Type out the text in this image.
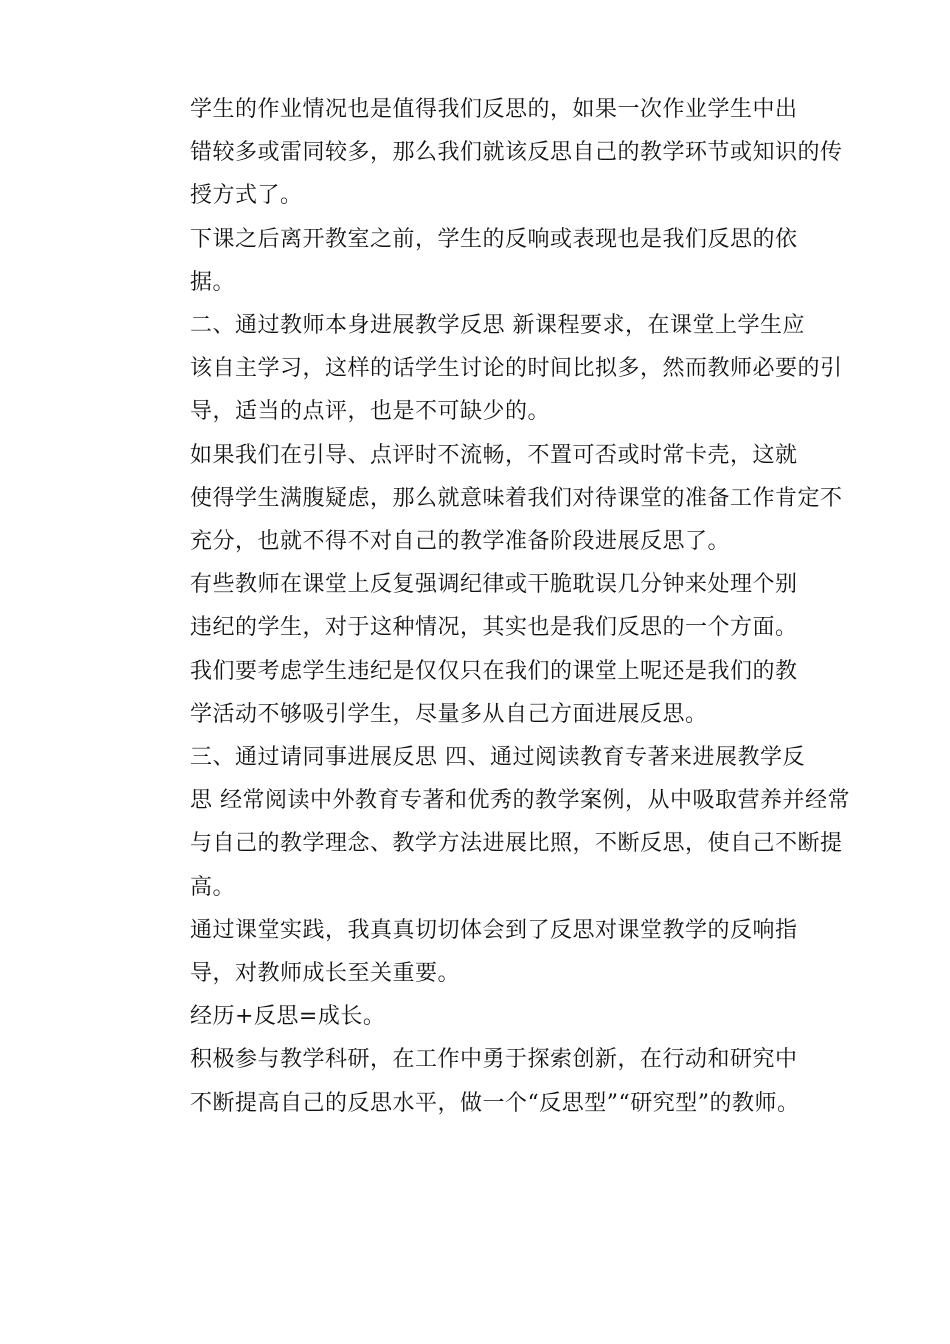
学生的作业情况也是值得我们反思的，如果一次作业学生中出
错较多或雷同较多，那么我们就该反思自己的教学环节或知识的传
授方式了。

下课之后离开教室之前，学生的反响或表现也是我们反思的依
据。

二、通过教师本身进展教学反思 新课程要求，在课堂上学生应
该自主学习，这样的话学生讨论的时间比拟多，然而教师必要的引
导，适当的点评，也是不可缺少的。

如果我们在引导、点评时不流畅，不置可否或时常卡壳，这就
使得学生满腹疑虑，那么就意味着我们对待课堂的准备工作肯定不
充分，也就不得不对自己的教学准备阶段进展反思了。

有些教师在课堂上反复强调纪律或干脆耽误几分钟来处理个别
违纪的学生，对于这种情况，其实也是我们反思的一个方面。

我们要考虑学生违纪是仅仅只在我们的课堂上呢还是我们的教
学活动不够吸引学生，尽量多从自己方面进展反思。

三、通过请同事进展反思 四、通过阅读教育专著来进展教学反
思 经常阅读中外教育专著和优秀的教学案例，从中吸取营养并经常
与自己的教学理念、教学方法进展比照，不断反思，使自己不断提
高。

通过课堂实践，我真真切切体会到了反思对课堂教学的反响指
导，对教师成长至关重要。

经历+反思=成长。

积极参与教学科研，在工作中勇于探索创新，在行动和研究中
不断提高自己的反思水平，做一个“反思型”“研究型”的教师。
